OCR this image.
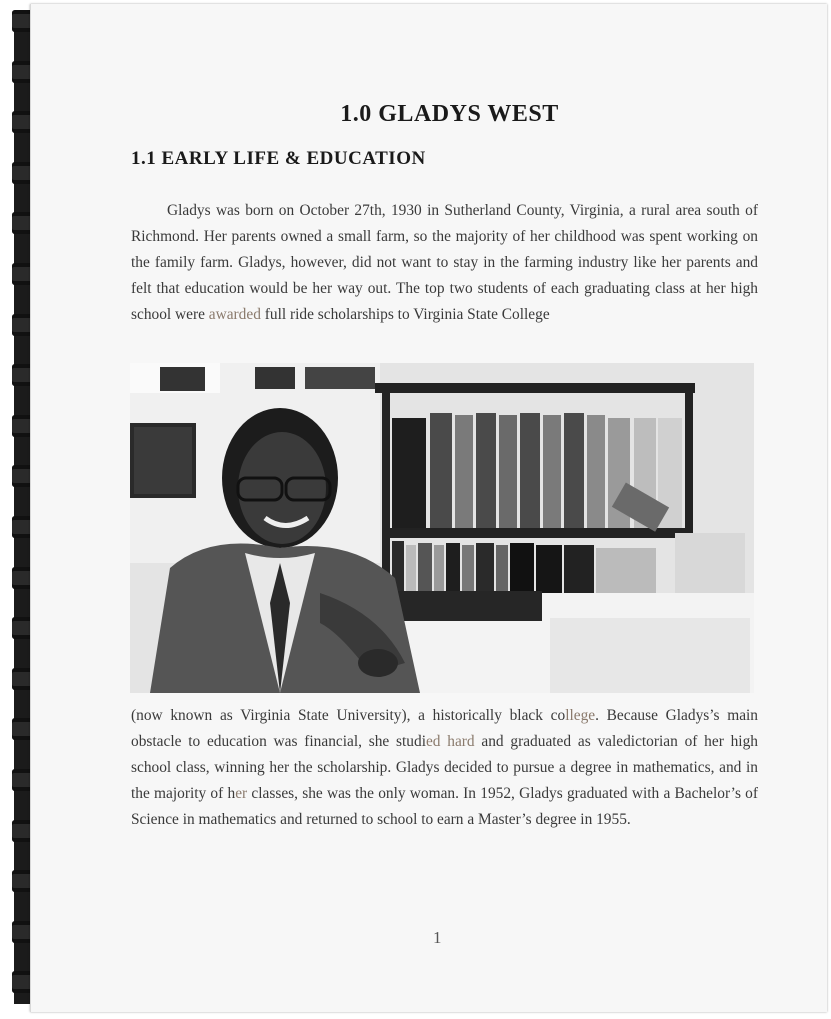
1.0 GLADYS WEST
1.1 EARLY LIFE & EDUCATION

Gladys was born on October 27th, 1930 in Sutherland County, Virginia, a rural area south of Richmond. Her parents owned a small farm, so the majority of her childhood was spent working on the family farm. Gladys, however, did not want to stay in the farming industry like her parents and felt that education would be her way out. The top two students of each graduating class at her high school were awarded full ride scholarships to Virginia State College

(now known as Virginia State University), a historically black college. Because Gladys’s main obstacle to education was financial, she studied hard and graduated as valedictorian of her high school class, winning her the scholarship. Gladys decided to pursue a degree in mathematics, and in the majority of her classes, she was the only woman. In 1952, Gladys graduated with a Bachelor’s of Science in mathematics and returned to school to earn a Master’s degree in 1955.

1
